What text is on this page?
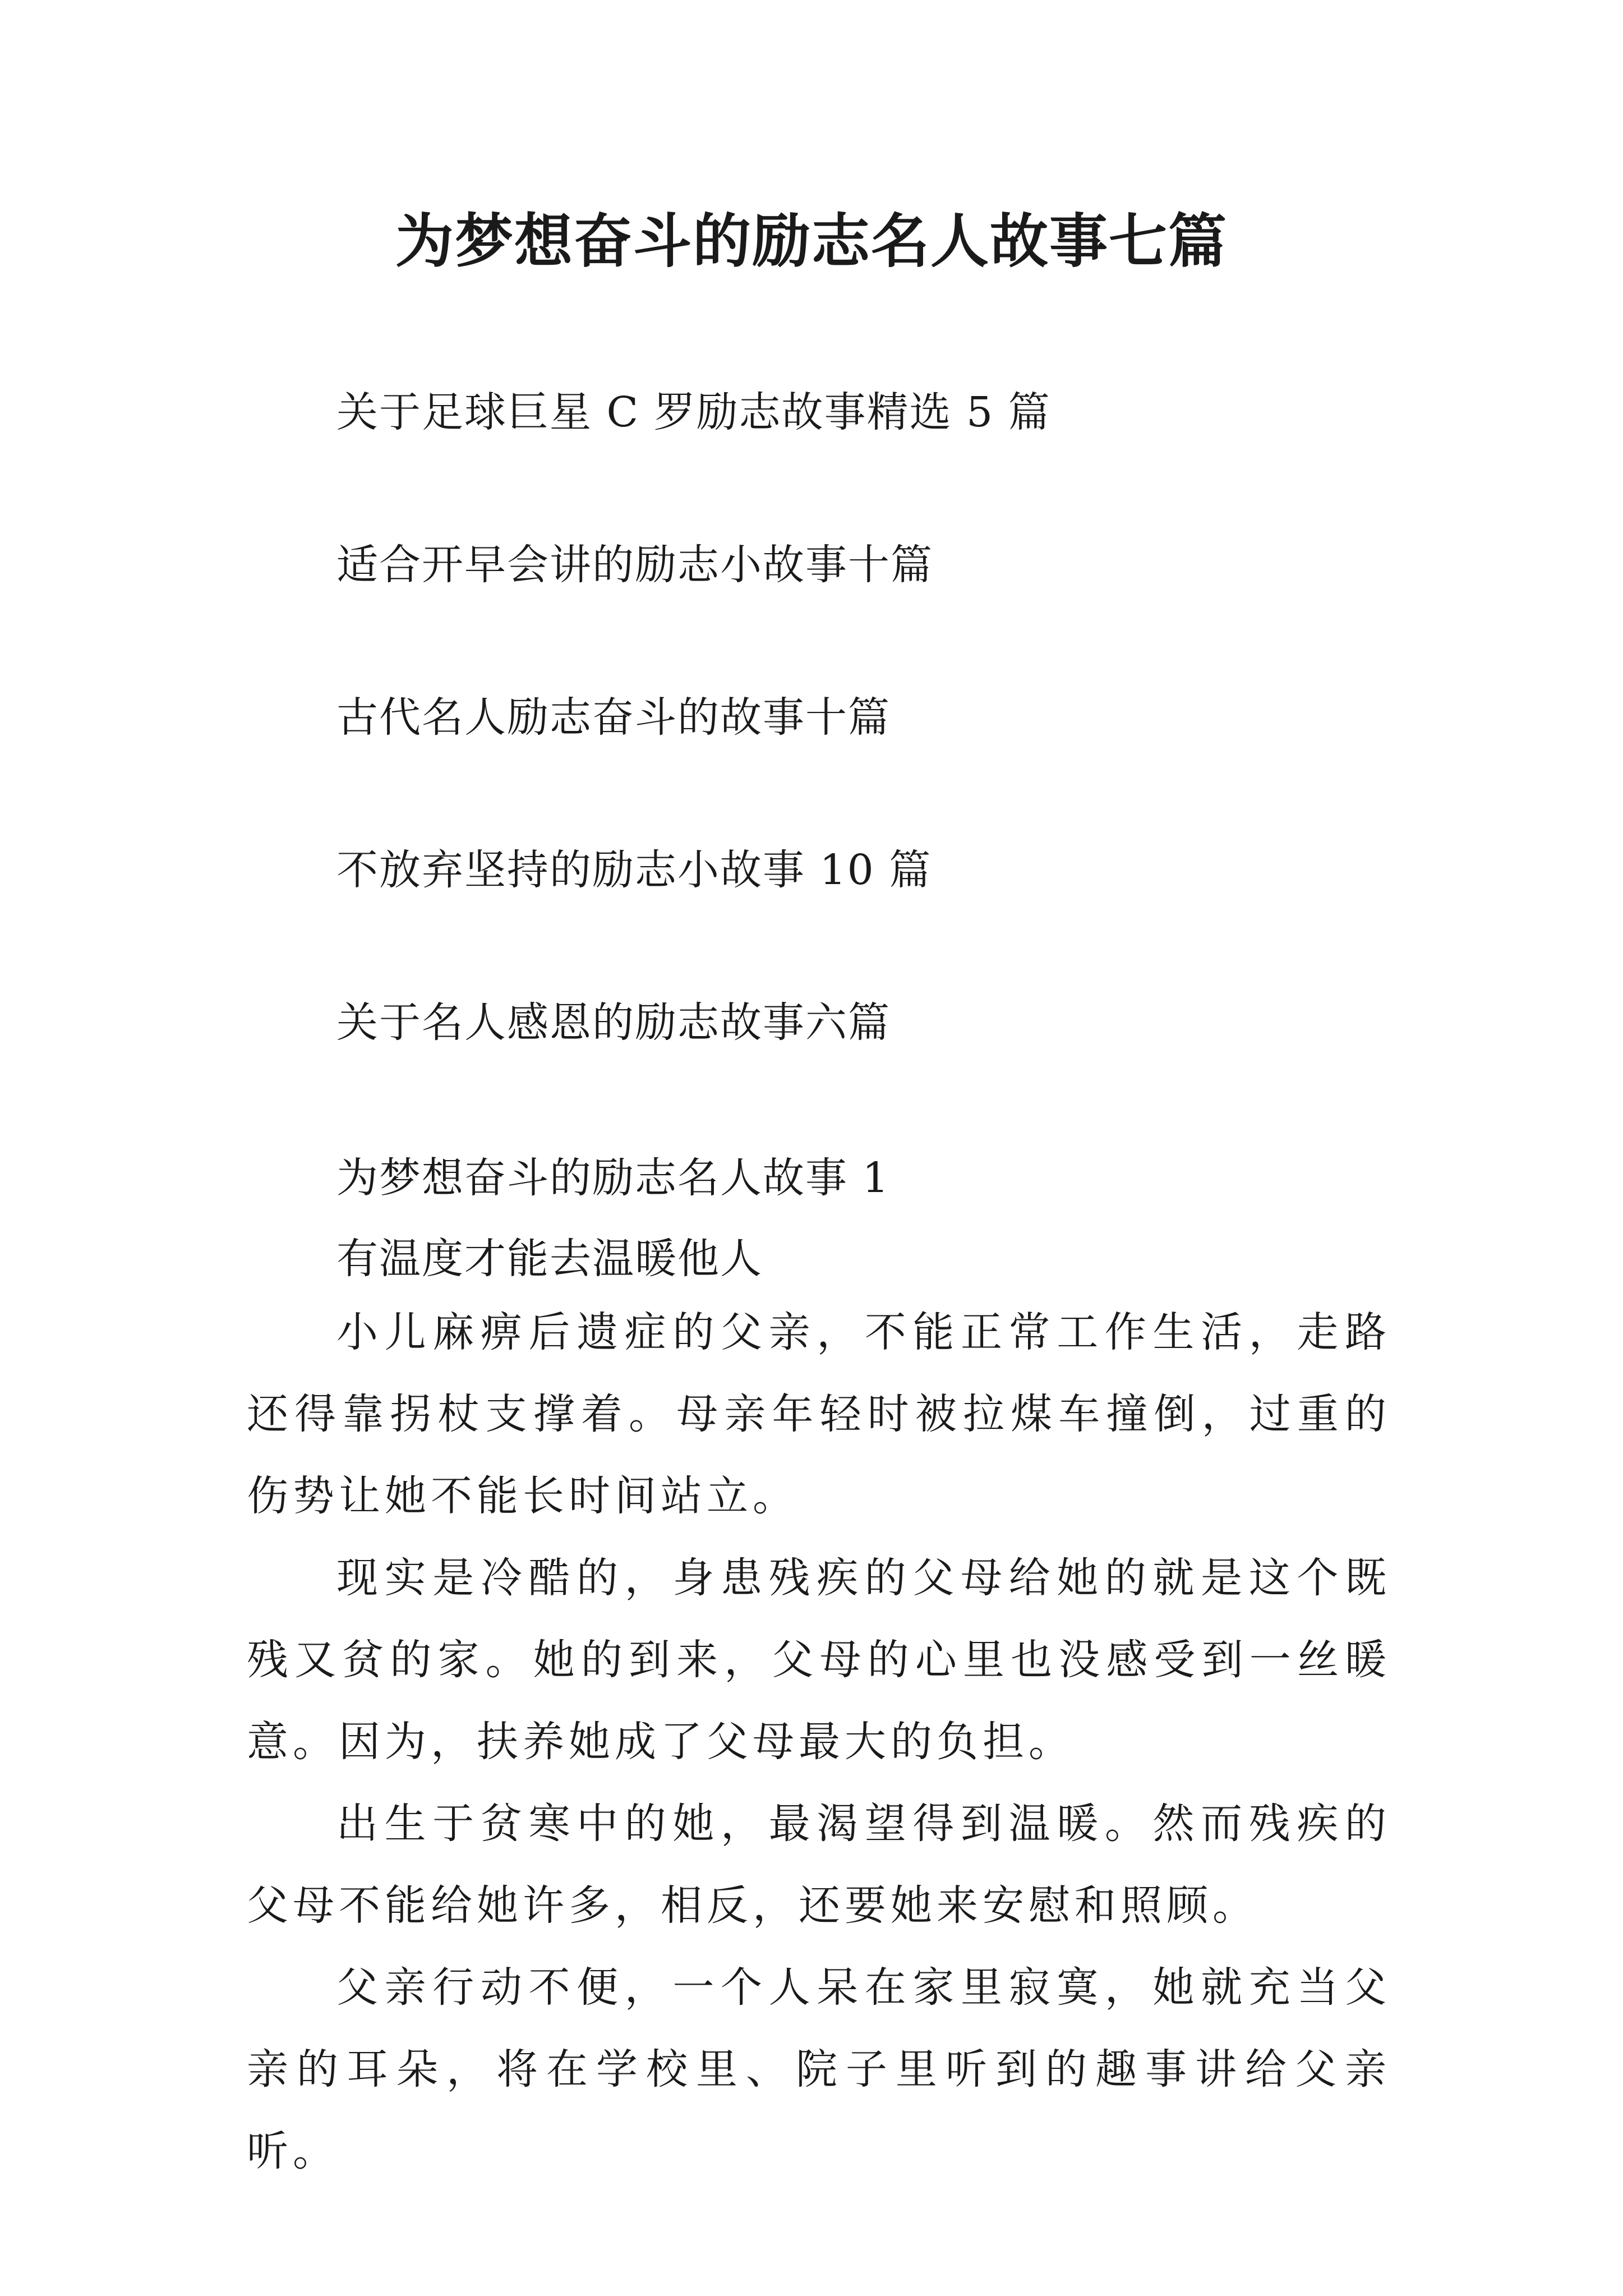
为梦想奋斗的励志名人故事七篇

关于足球巨星 C 罗励志故事精选 5 篇

适合开早会讲的励志小故事十篇

古代名人励志奋斗的故事十篇

不放弃坚持的励志小故事 10 篇

关于名人感恩的励志故事六篇

为梦想奋斗的励志名人故事 1

有温度才能去温暖他人

小儿麻痹后遗症的父亲，不能正常工作生活，走路还得靠拐杖支撑着。母亲年轻时被拉煤车撞倒，过重的伤势让她不能长时间站立。

现实是冷酷的，身患残疾的父母给她的就是这个既残又贫的家。她的到来，父母的心里也没感受到一丝暖意。因为，扶养她成了父母最大的负担。

出生于贫寒中的她，最渴望得到温暖。然而残疾的父母不能给她许多，相反，还要她来安慰和照顾。

父亲行动不便，一个人呆在家里寂寞，她就充当父亲的耳朵，将在学校里、院子里听到的趣事讲给父亲听。
